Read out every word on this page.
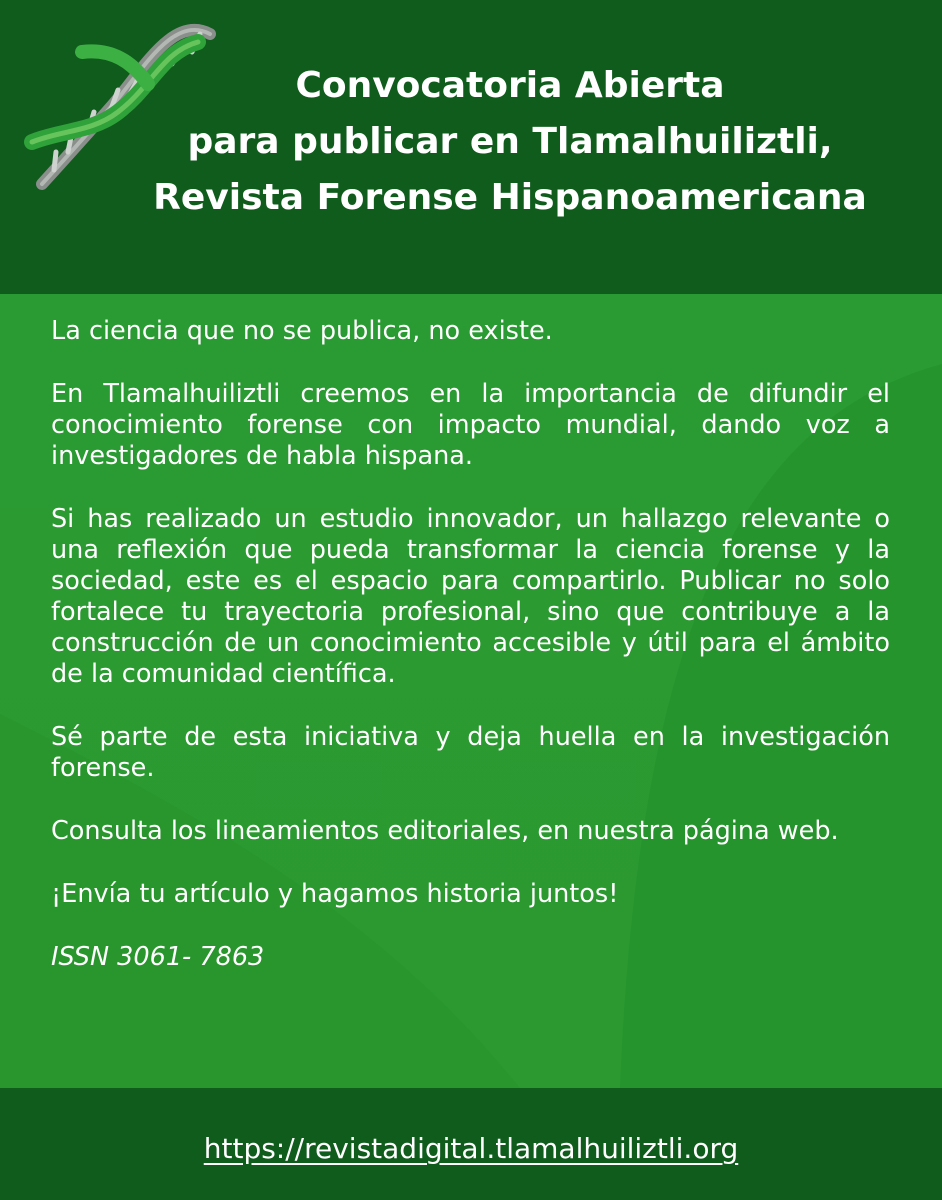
Convocatoria Abierta
para publicar en Tlamalhuiliztli,
Revista Forense Hispanoamericana

La ciencia que no se publica, no existe.

En Tlamalhuiliztli creemos en la importancia de difundir el conocimiento forense con impacto mundial, dando voz a investigadores de habla hispana.

Si has realizado un estudio innovador, un hallazgo relevante o una reflexión que pueda transformar la ciencia forense y la sociedad, este es el espacio para compartirlo. Publicar no solo fortalece tu trayectoria profesional, sino que contribuye a la construcción de un conocimiento accesible y útil para el ámbito de la comunidad científica.

Sé parte de esta iniciativa y deja huella en la investigación forense.

Consulta los lineamientos editoriales, en nuestra página web.

¡Envía tu artículo y hagamos historia juntos!

ISSN 3061- 7863

https://revistadigital.tlamalhuiliztli.org
